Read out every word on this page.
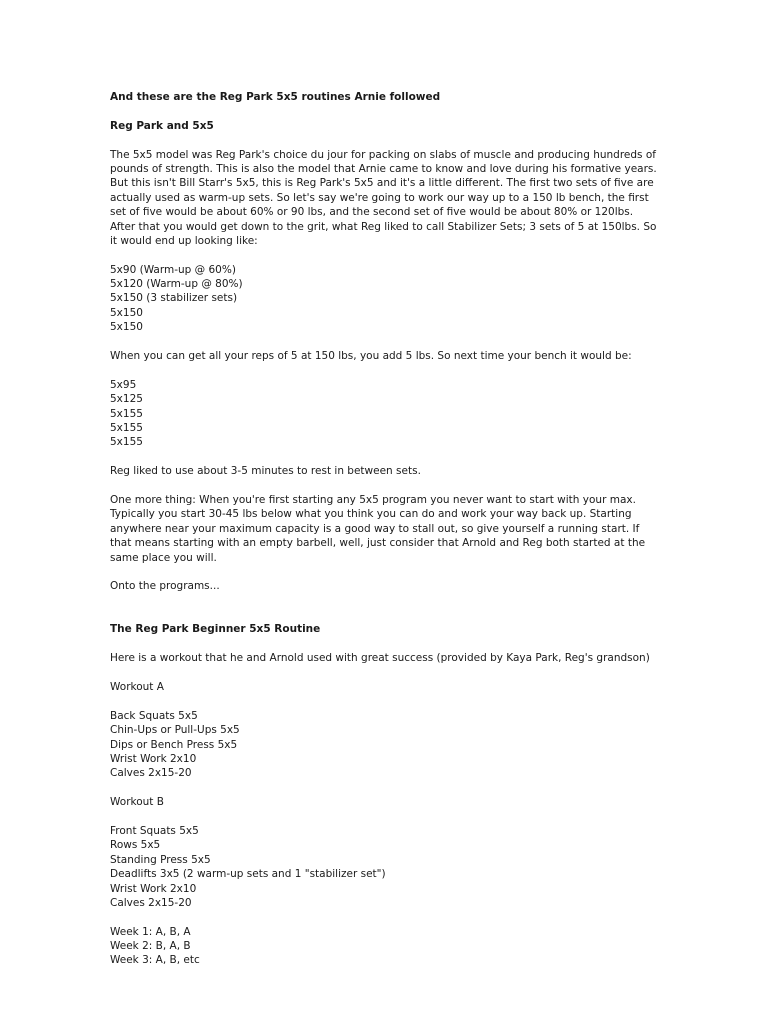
And these are the Reg Park 5x5 routines Arnie followed
Reg Park and 5x5
The 5x5 model was Reg Park's choice du jour for packing on slabs of muscle and producing hundreds of
pounds of strength. This is also the model that Arnie came to know and love during his formative years.
But this isn't Bill Starr's 5x5, this is Reg Park's 5x5 and it's a little different. The first two sets of five are
actually used as warm-up sets. So let's say we're going to work our way up to a 150 lb bench, the first
set of five would be about 60% or 90 lbs, and the second set of five would be about 80% or 120lbs.
After that you would get down to the grit, what Reg liked to call Stabilizer Sets; 3 sets of 5 at 150lbs. So
it would end up looking like:
5x90 (Warm-up @ 60%)
5x120 (Warm-up @ 80%)
5x150 (3 stabilizer sets)
5x150
5x150
When you can get all your reps of 5 at 150 lbs, you add 5 lbs. So next time your bench it would be:
5x95
5x125
5x155
5x155
5x155
Reg liked to use about 3-5 minutes to rest in between sets.
One more thing: When you're first starting any 5x5 program you never want to start with your max.
Typically you start 30-45 lbs below what you think you can do and work your way back up. Starting
anywhere near your maximum capacity is a good way to stall out, so give yourself a running start. If
that means starting with an empty barbell, well, just consider that Arnold and Reg both started at the
same place you will.
Onto the programs...
The Reg Park Beginner 5x5 Routine
Here is a workout that he and Arnold used with great success (provided by Kaya Park, Reg's grandson)
Workout A
Back Squats 5x5
Chin-Ups or Pull-Ups 5x5
Dips or Bench Press 5x5
Wrist Work 2x10
Calves 2x15-20
Workout B
Front Squats 5x5
Rows 5x5
Standing Press 5x5
Deadlifts 3x5 (2 warm-up sets and 1 "stabilizer set")
Wrist Work 2x10
Calves 2x15-20
Week 1: A, B, A
Week 2: B, A, B
Week 3: A, B, etc
